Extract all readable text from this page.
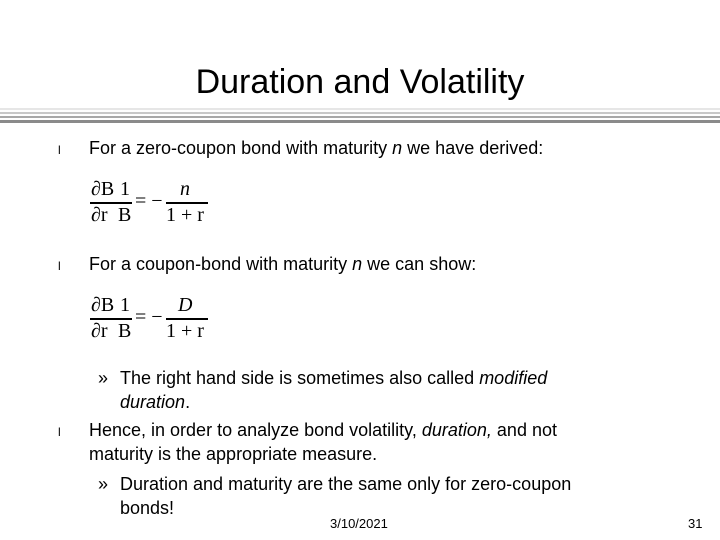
Duration and Volatility
l For a zero-coupon bond with maturity n we have derived:
∂B 1
∂r B
= −
n
1 + r
l For a coupon-bond with maturity n we can show:
∂B 1
∂r B
= −
D
1 + r
» The right hand side is sometimes also called modified
duration.
l Hence, in order to analyze bond volatility, duration, and not
maturity is the appropriate measure.
» Duration and maturity are the same only for zero-coupon
bonds!
3/10/2021	31
